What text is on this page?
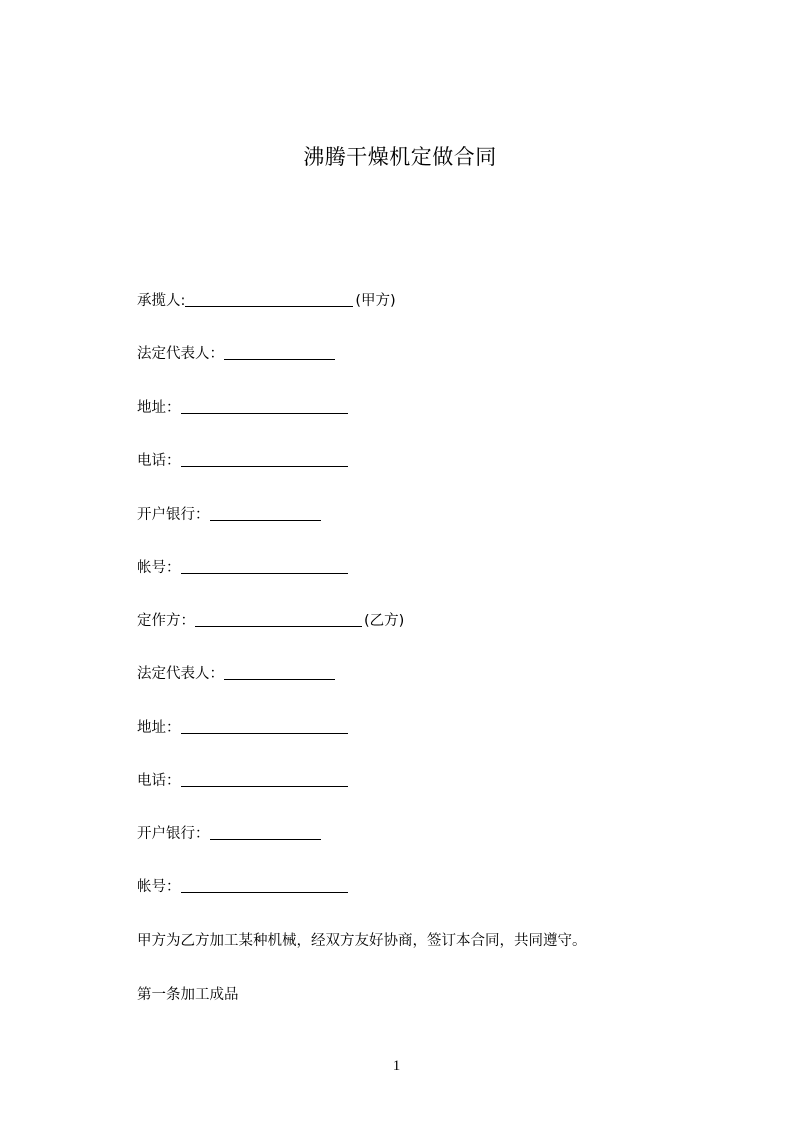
沸腾干燥机定做合同
承揽人:	(甲方)
法定代表人：
地址：
电话：
开户银行：
帐号：
定作方：	(乙方)
法定代表人：
地址：
电话：
开户银行：
帐号：
甲方为乙方加工某种机械，经双方友好协商，签订本合同，共同遵守。
第一条加工成品
1
